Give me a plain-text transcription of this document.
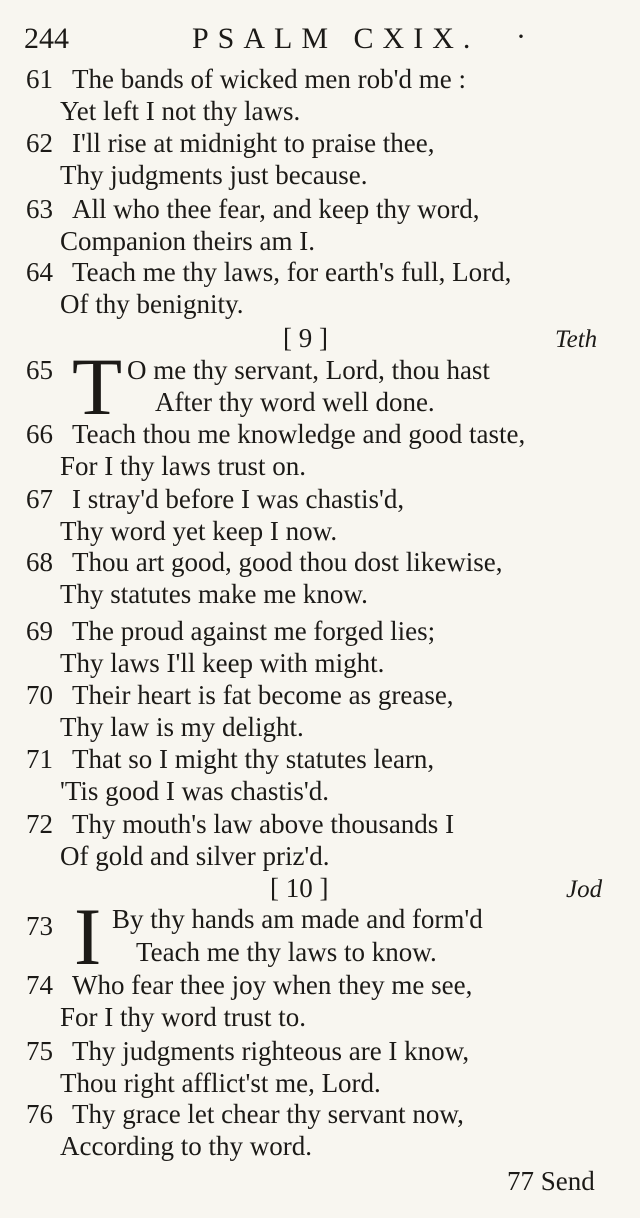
244	PSALM CXIX. ·
61 The bands of wicked men rob'd me :
Yet left I not thy laws.
62 I'll rise at midnight to praise thee,
Thy judgments just because.
63 All who thee fear, and keep thy word,
Companion theirs am I.
64 Teach me thy laws, for earth's full, Lord,
Of thy benignity.
[ 9 ]	Teth
65 T O me thy servant, Lord, thou hast
After thy word well done.
66 Teach thou me knowledge and good taste,
For I thy laws trust on.
67 I stray'd before I was chastis'd,
Thy word yet keep I now.
68 Thou art good, good thou dost likewise,
Thy statutes make me know.
69 The proud against me forged lies;
Thy laws I'll keep with might.
70 Their heart is fat become as grease,
Thy law is my delight.
71 That so I might thy statutes learn,
'Tis good I was chastis'd.
72 Thy mouth's law above thousands I
Of gold and silver priz'd.
[ 10 ]	Jod
73 I By thy hands am made and form'd
Teach me thy laws to know.
74 Who fear thee joy when they me see,
For I thy word trust to.
75 Thy judgments righteous are I know,
Thou right afflict'st me, Lord.
76 Thy grace let chear thy servant now,
According to thy word.
77 Send
